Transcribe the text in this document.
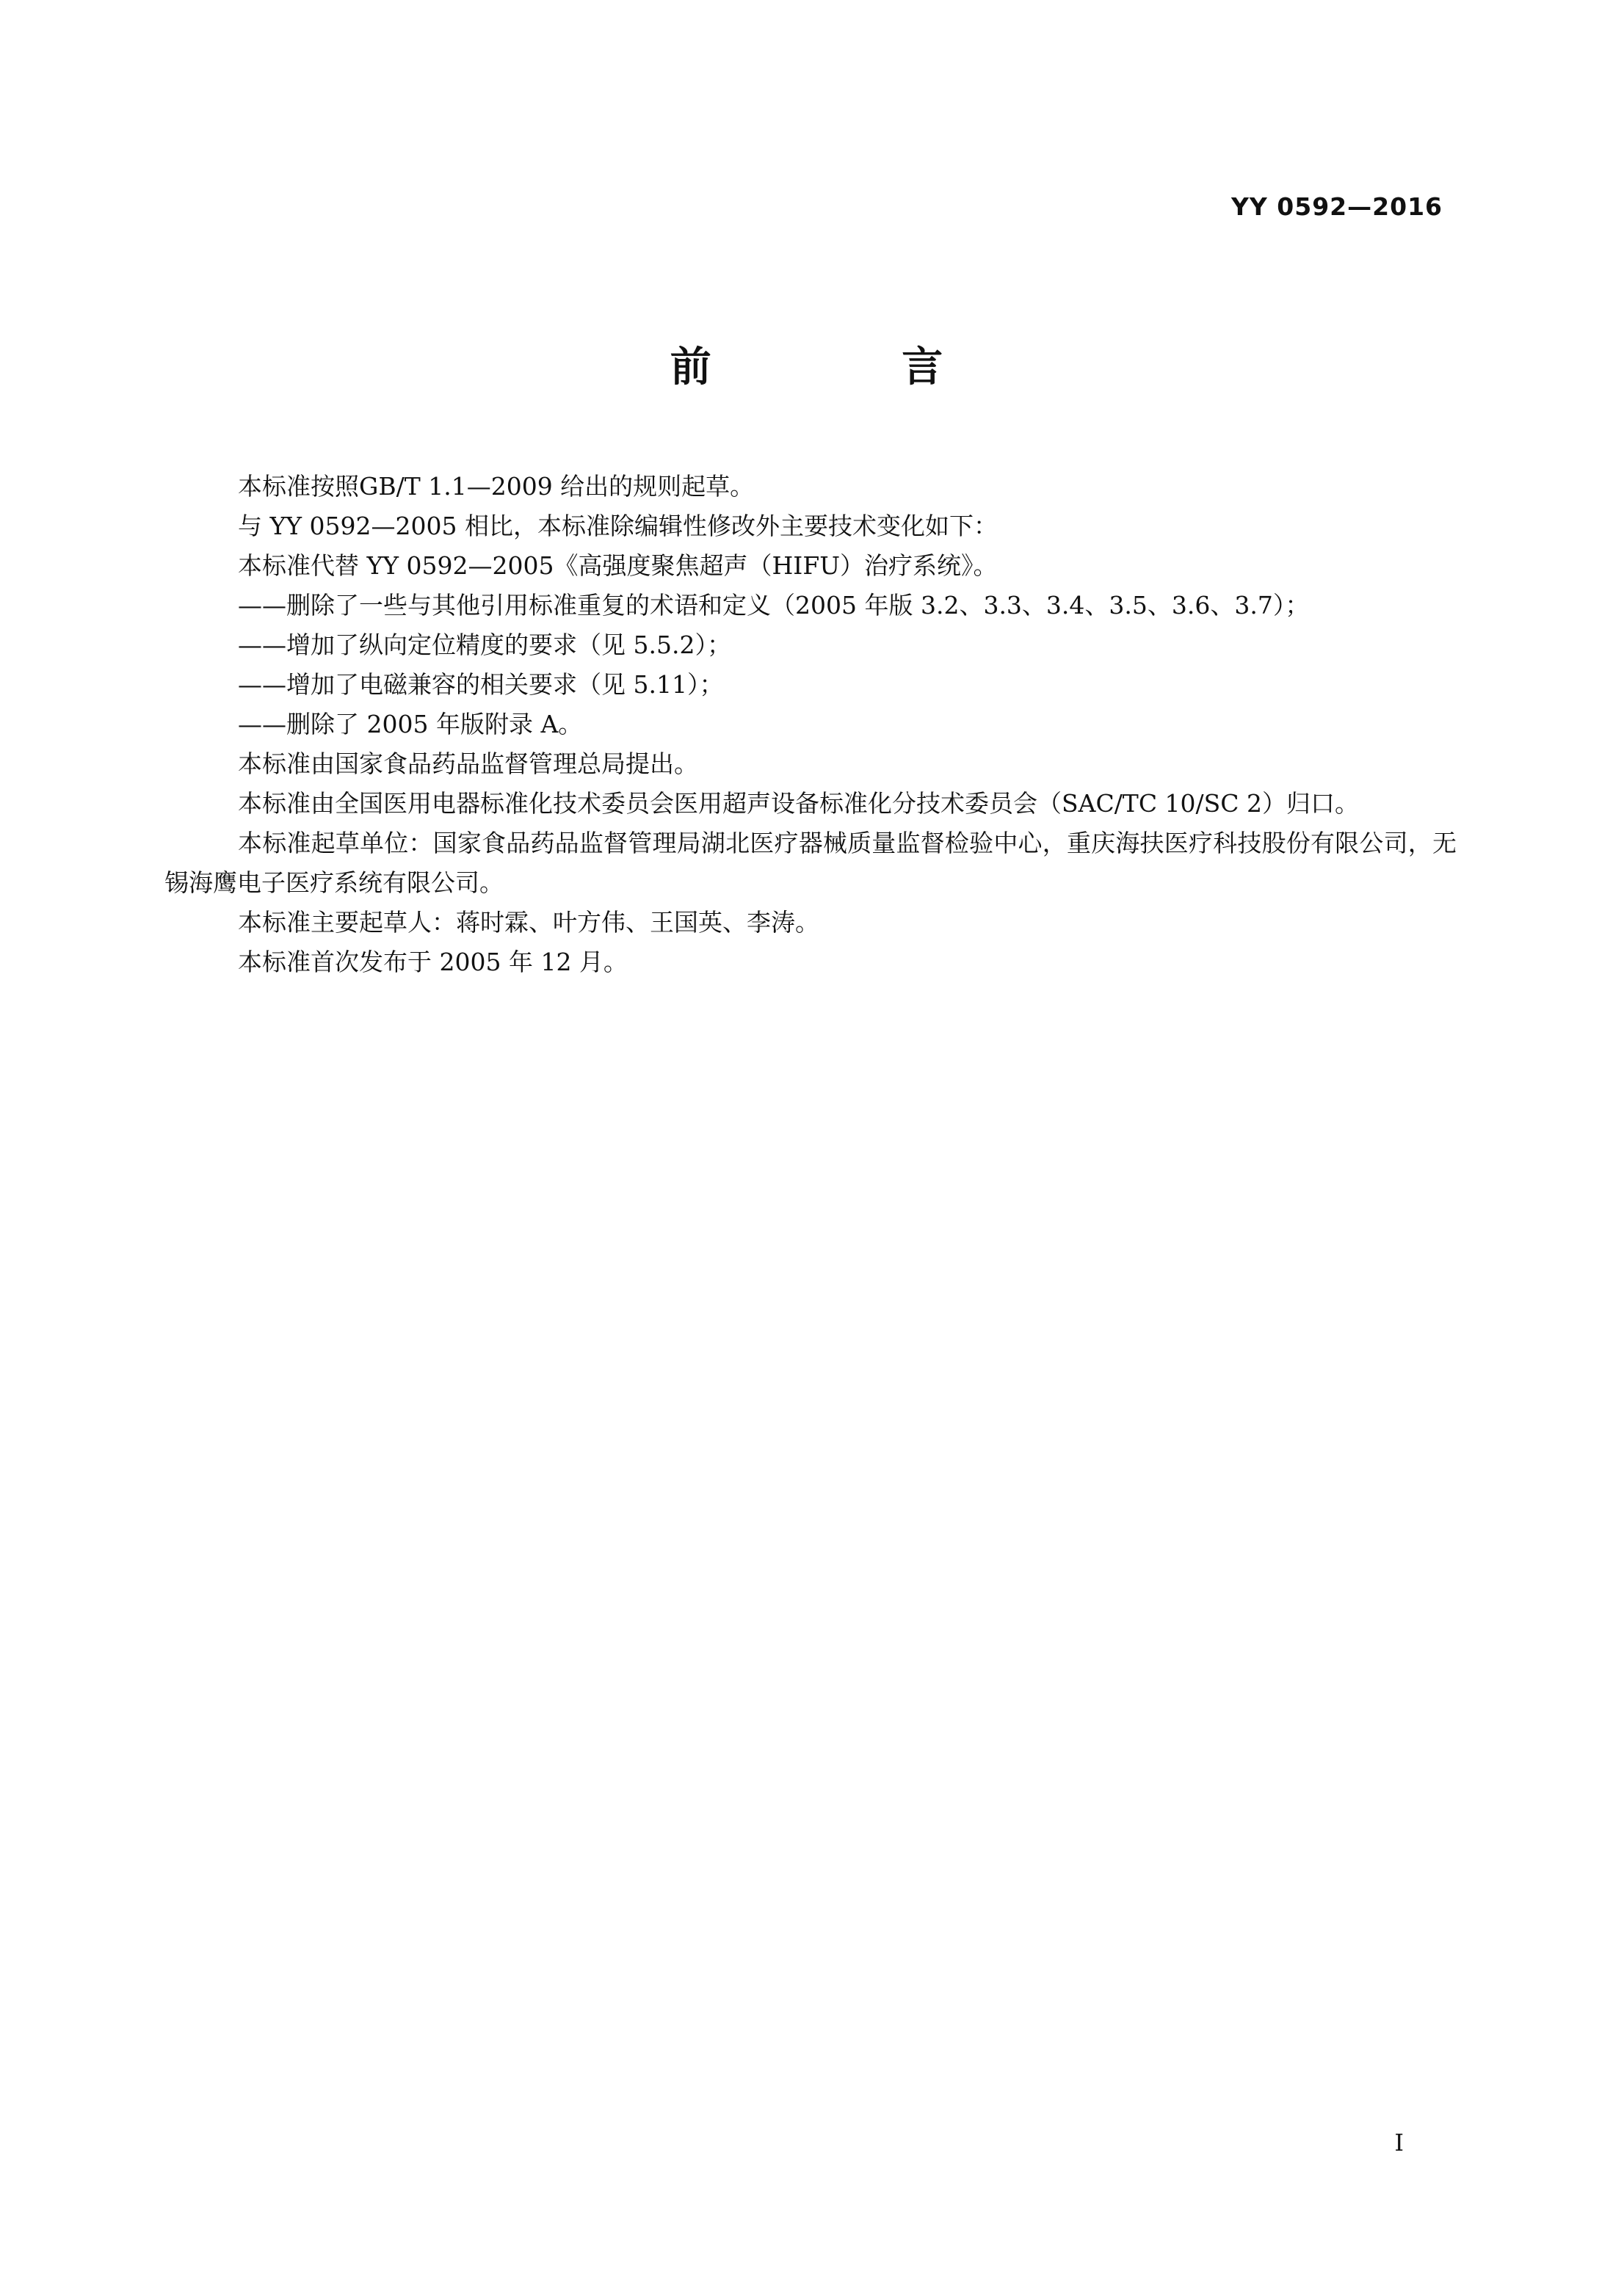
YY 0592—2016
前 言

本标准按照GB/T 1.1—2009 给出的规则起草。

与 YY 0592—2005 相比，本标准除编辑性修改外主要技术变化如下：

本标准代替 YY 0592—2005《高强度聚焦超声（HIFU）治疗系统》。

——删除了一些与其他引用标准重复的术语和定义（2005 年版 3.2、3.3、3.4、3.5、3.6、3.7）；

——增加了纵向定位精度的要求（见 5.5.2）；

——增加了电磁兼容的相关要求（见 5.11）；

——删除了 2005 年版附录 A。

本标准由国家食品药品监督管理总局提出。

本标准由全国医用电器标准化技术委员会医用超声设备标准化分技术委员会（SAC/TC 10/SC 2）归口。

本标准起草单位：国家食品药品监督管理局湖北医疗器械质量监督检验中心，重庆海扶医疗科技股份有限公司，无锡海鹰电子医疗系统有限公司。

本标准主要起草人：蒋时霖、叶方伟、王国英、李涛。

本标准首次发布于 2005 年 12 月。

I
